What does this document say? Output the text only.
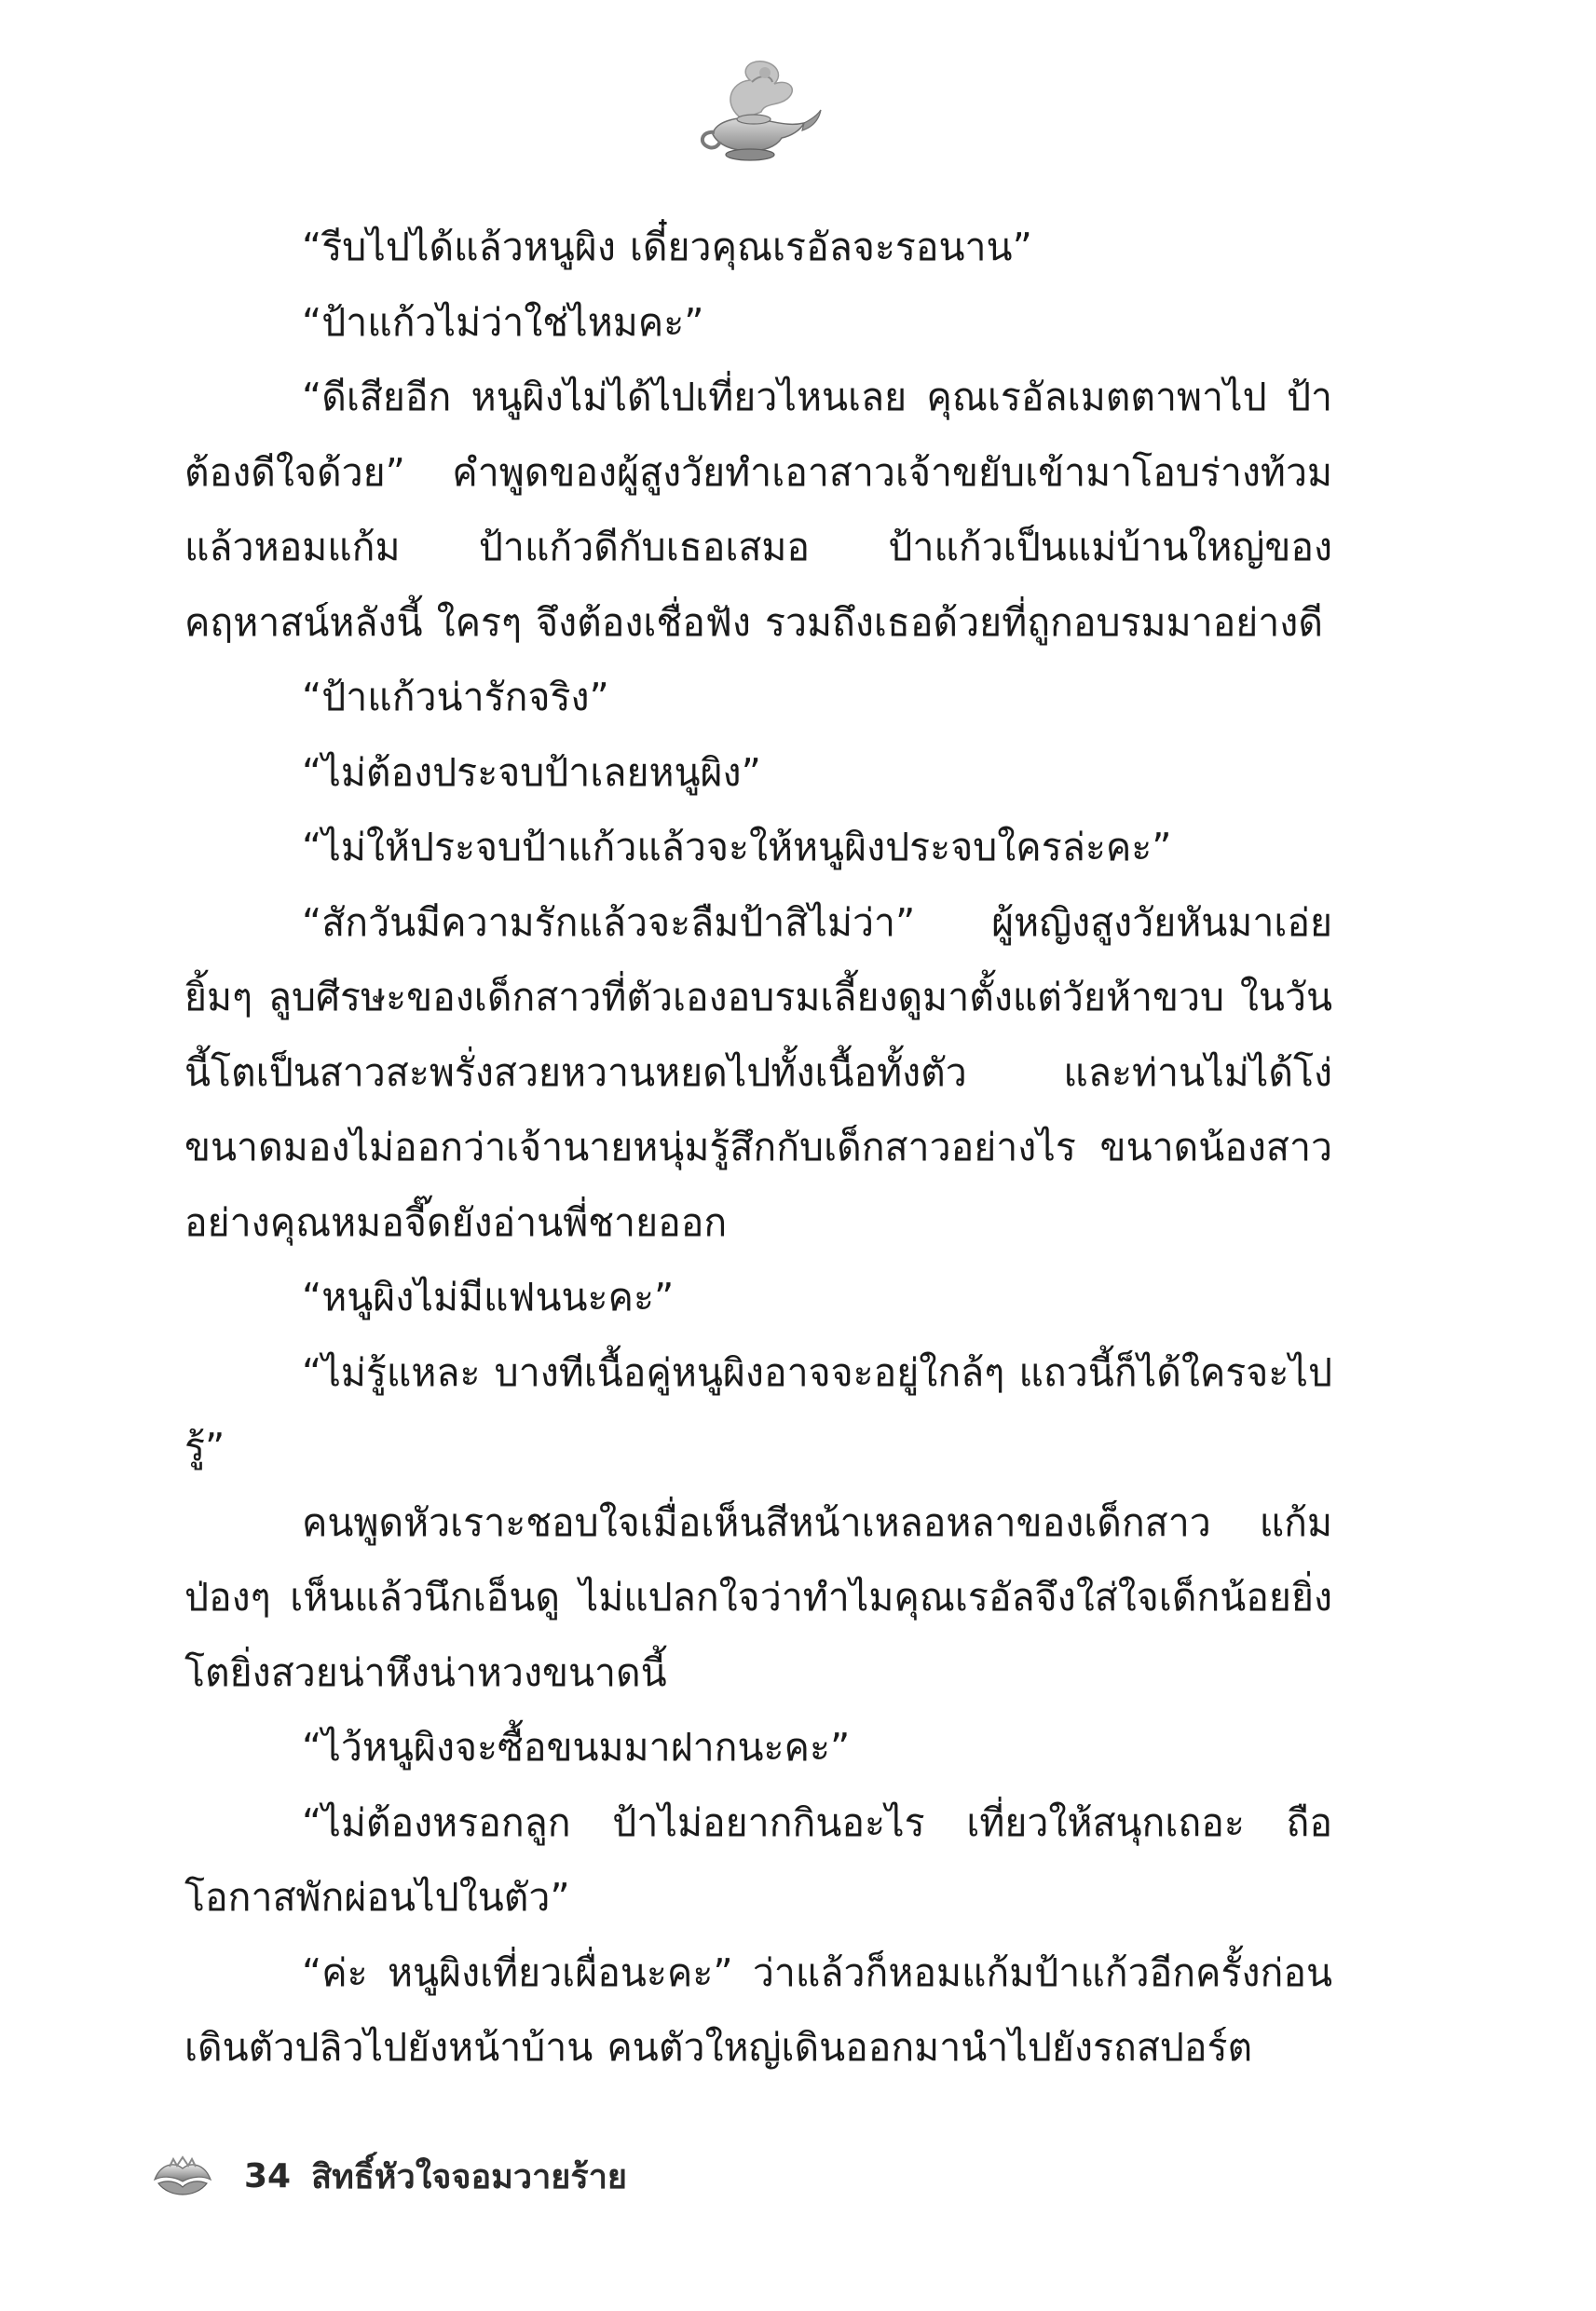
“รีบไปได้แล้วหนูผิง เดี๋ยวคุณเรอัลจะรอนาน”

“ป้าแก้วไม่ว่าใช่ไหมคะ”

“ดีเสียอีก หนูผิงไม่ได้ไปเที่ยวไหนเลย คุณเรอัลเมตตาพาไป ป้าต้องดีใจด้วย” คำพูดของผู้สูงวัยทำเอาสาวเจ้าขยับเข้ามาโอบร่างท้วมแล้วหอมแก้ม ป้าแก้วดีกับเธอเสมอ ป้าแก้วเป็นแม่บ้านใหญ่ของคฤหาสน์หลังนี้ ใครๆ จึงต้องเชื่อฟัง รวมถึงเธอด้วยที่ถูกอบรมมาอย่างดี

“ป้าแก้วน่ารักจริง”

“ไม่ต้องประจบป้าเลยหนูผิง”

“ไม่ให้ประจบป้าแก้วแล้วจะให้หนูผิงประจบใครล่ะคะ”

“สักวันมีความรักแล้วจะลืมป้าสิไม่ว่า” ผู้หญิงสูงวัยหันมาเอ่ยยิ้มๆ ลูบศีรษะของเด็กสาวที่ตัวเองอบรมเลี้ยงดูมาตั้งแต่วัยห้าขวบ ในวันนี้โตเป็นสาวสะพรั่งสวยหวานหยดไปทั้งเนื้อทั้งตัว และท่านไม่ได้โง่ขนาดมองไม่ออกว่าเจ้านายหนุ่มรู้สึกกับเด็กสาวอย่างไร ขนาดน้องสาวอย่างคุณหมอจี๊ดยังอ่านพี่ชายออก

“หนูผิงไม่มีแฟนนะคะ”

“ไม่รู้แหละ บางทีเนื้อคู่หนูผิงอาจจะอยู่ใกล้ๆ แถวนี้ก็ได้ใครจะไปรู้”

คนพูดหัวเราะชอบใจเมื่อเห็นสีหน้าเหลอหลาของเด็กสาว แก้มป่องๆ เห็นแล้วนึกเอ็นดู ไม่แปลกใจว่าทำไมคุณเรอัลจึงใส่ใจเด็กน้อยยิ่งโตยิ่งสวยน่าหึงน่าหวงขนาดนี้

“ไว้หนูผิงจะซื้อขนมมาฝากนะคะ”

“ไม่ต้องหรอกลูก ป้าไม่อยากกินอะไร เที่ยวให้สนุกเถอะ ถือโอกาสพักผ่อนไปในตัว”

“ค่ะ หนูผิงเที่ยวเผื่อนะคะ” ว่าแล้วก็หอมแก้มป้าแก้วอีกครั้งก่อนเดินตัวปลิวไปยังหน้าบ้าน คนตัวใหญ่เดินออกมานำไปยังรถสปอร์ต

34 สิทธิ์หัวใจจอมวายร้าย
